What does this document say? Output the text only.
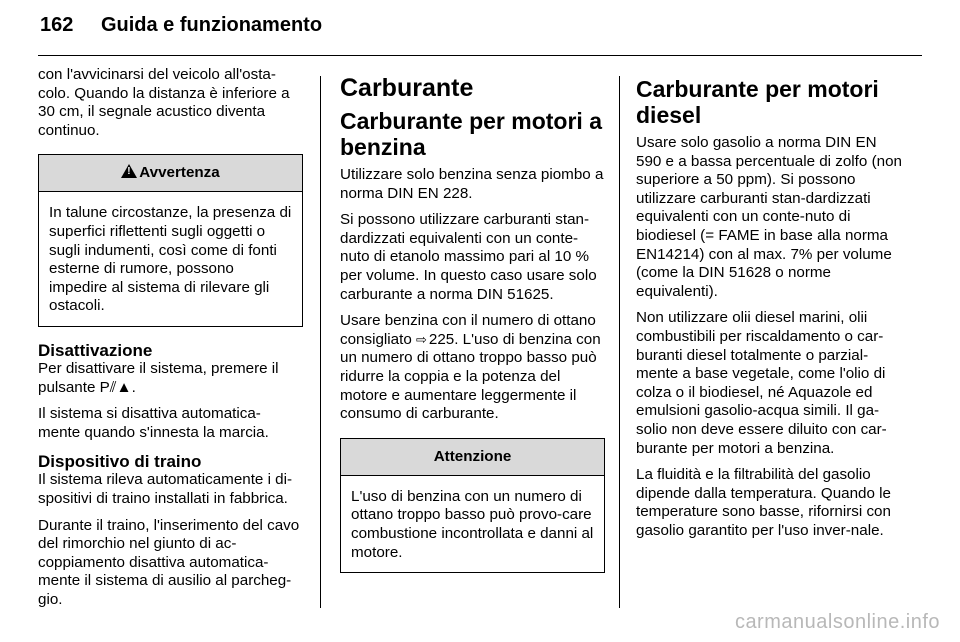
162 Guida e funzionamento

con l'avvicinarsi del veicolo all'osta-colo. Quando la distanza è inferiore a 30 cm, il segnale acustico diventa continuo.

!Avvertenza
In talune circostanze, la presenza di superfici riflettenti sugli oggetti o sugli indumenti, così come di fonti esterne di rumore, possono impedire al sistema di rilevare gli ostacoli.
Disattivazione

Per disattivare il sistema, premere il pulsante P⫽▲.

Il sistema si disattiva automatica-mente quando s'innesta la marcia.

Dispositivo di traino

Il sistema rileva automaticamente i di-spositivi di traino installati in fabbrica.

Durante il traino, l'inserimento del cavo del rimorchio nel giunto di ac-coppiamento disattiva automatica-mente il sistema di ausilio al parcheg-gio.

Carburante
Carburante per motori a benzina

Utilizzare solo benzina senza piombo a norma DIN EN 228.

Si possono utilizzare carburanti stan-dardizzati equivalenti con un conte-nuto di etanolo massimo pari al 10 % per volume. In questo caso usare solo carburante a norma DIN 51625.

Usare benzina con il numero di ottano consigliato ⇨ 225. L'uso di benzina con un numero di ottano troppo basso può ridurre la coppia e la potenza del motore e aumentare leggermente il consumo di carburante.

Attenzione
L'uso di benzina con un numero di ottano troppo basso può provo-care combustione incontrollata e danni al motore.
Carburante per motori diesel

Usare solo gasolio a norma DIN EN 590 e a bassa percentuale di zolfo (non superiore a 50 ppm). Si possono utilizzare carburanti stan-dardizzati equivalenti con un conte-nuto di biodiesel (= FAME in base alla norma EN14214) con al max. 7% per volume (come la DIN 51628 o norme equivalenti).

Non utilizzare olii diesel marini, olii combustibili per riscaldamento o car-buranti diesel totalmente o parzial-mente a base vegetale, come l'olio di colza o il biodiesel, né Aquazole ed emulsioni gasolio-acqua simili. Il ga-solio non deve essere diluito con car-burante per motori a benzina.

La fluidità e la filtrabilità del gasolio dipende dalla temperatura. Quando le temperature sono basse, rifornirsi con gasolio garantito per l'uso inver-nale.

carmanualsonline.info
